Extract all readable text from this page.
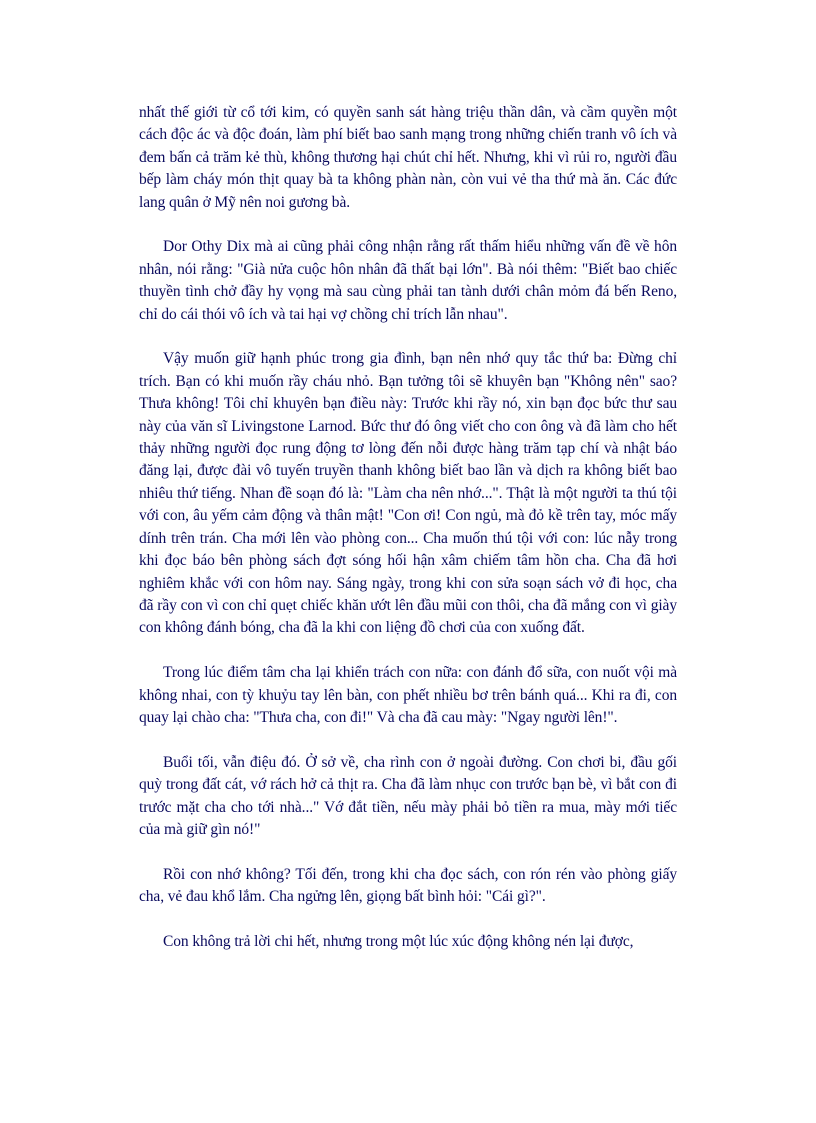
nhất thế giới từ cổ tới kim, có quyền sanh sát hàng triệu thần dân, và cầm quyền một cách độc ác và độc đoán, làm phí biết bao sanh mạng trong những chiến tranh vô ích và đem bấn cả trăm kẻ thù, không thương hại chút chỉ hết. Nhưng, khi vì rủi ro, người đầu bếp làm cháy món thịt quay bà ta không phàn nàn, còn vui vẻ tha thứ mà ăn. Các đức lang quân ở Mỹ nên noi gương bà.

Dor Othy Dix mà ai cũng phải công nhận rằng rất thấm hiểu những vấn đề về hôn nhân, nói rằng: "Già nửa cuộc hôn nhân đã thất bại lớn". Bà nói thêm: "Biết bao chiếc thuyền tình chở đầy hy vọng mà sau cùng phải tan tành dưới chân mỏm đá bến Reno, chỉ do cái thói vô ích và tai hại vợ chồng chỉ trích lẫn nhau".

Vậy muốn giữ hạnh phúc trong gia đình, bạn nên nhớ quy tắc thứ ba: Đừng chỉ trích. Bạn có khi muốn rầy cháu nhỏ. Bạn tưởng tôi sẽ khuyên bạn "Không nên" sao? Thưa không! Tôi chỉ khuyên bạn điều này: Trước khi rầy nó, xin bạn đọc bức thư sau này của văn sĩ Livingstone Larnod. Bức thư đó ông viết cho con ông và đã làm cho hết thảy những người đọc rung động tơ lòng đến nỗi được hàng trăm tạp chí và nhật báo đăng lại, được đài vô tuyến truyền thanh không biết bao lần và dịch ra không biết bao nhiêu thứ tiếng. Nhan đề soạn đó là: "Làm cha nên nhớ...". Thật là một người ta thú tội với con, âu yếm cảm động và thân mật! "Con ơi! Con ngủ, mà đỏ kề trên tay, móc mấy dính trên trán. Cha mới lên vào phòng con... Cha muốn thú tội với con: lúc nẫy trong khi đọc báo bên phòng sách đợt sóng hối hận xâm chiếm tâm hồn cha. Cha đã hơi nghiêm khắc với con hôm nay. Sáng ngày, trong khi con sửa soạn sách vở đi học, cha đã rầy con vì con chỉ quẹt chiếc khăn ướt lên đầu mũi con thôi, cha đã mắng con vì giày con không đánh bóng, cha đã la khi con liệng đồ chơi của con xuống đất.

Trong lúc điểm tâm cha lại khiển trách con nữa: con đánh đổ sữa, con nuốt vội mà không nhai, con tỳ khuỷu tay lên bàn, con phết nhiều bơ trên bánh quá... Khi ra đi, con quay lại chào cha: "Thưa cha, con đi!" Và cha đã cau mày: "Ngay người lên!".

Buổi tối, vẫn điệu đó. Ở sở về, cha rình con ở ngoài đường. Con chơi bi, đầu gối quỳ trong đất cát, vớ rách hở cả thịt ra. Cha đã làm nhục con trước bạn bè, vì bắt con đi trước mặt cha cho tới nhà..." Vớ đắt tiền, nếu mày phải bỏ tiền ra mua, mày mới tiếc của mà giữ gìn nó!"

Rồi con nhớ không? Tối đến, trong khi cha đọc sách, con rón rén vào phòng giấy cha, vẻ đau khổ lắm. Cha ngửng lên, giọng bất bình hỏi: "Cái gì?".

Con không trả lời chi hết, nhưng trong một lúc xúc động không nén lại được,
